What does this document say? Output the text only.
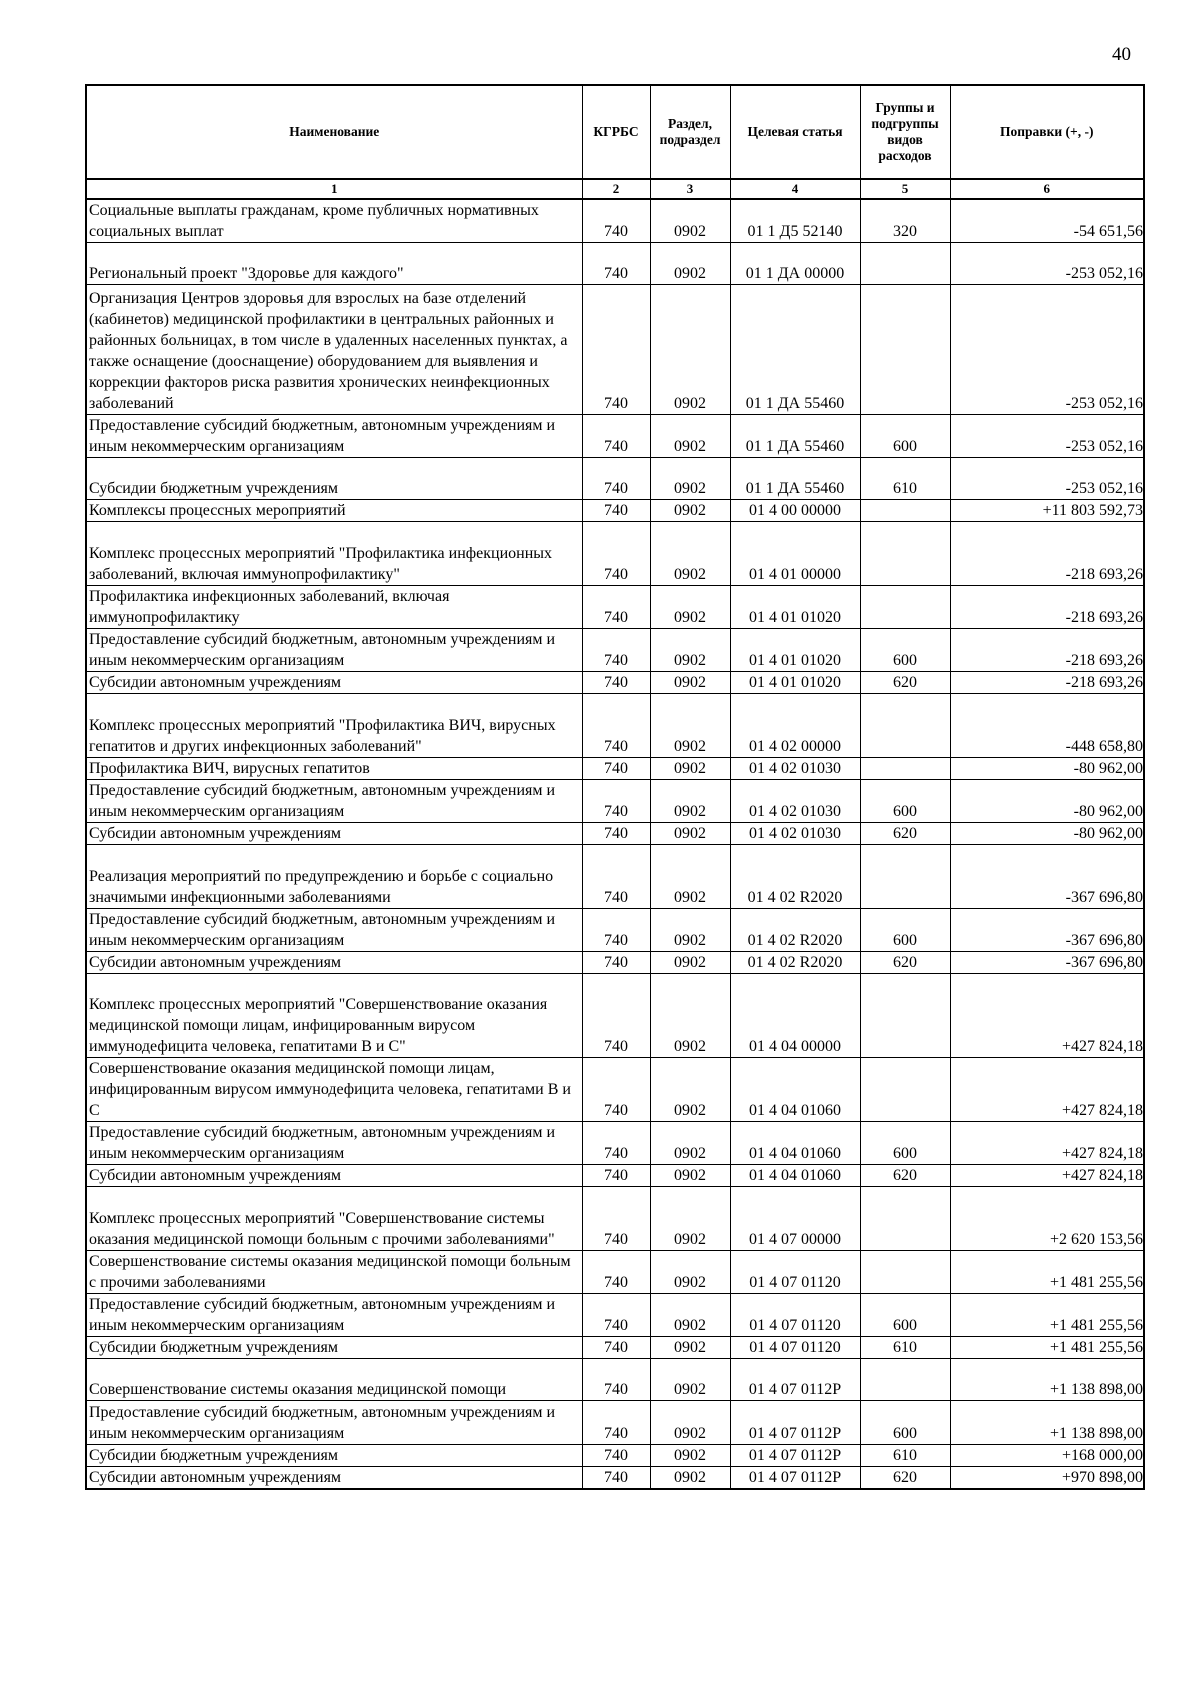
40
Наименование	КГРБС	Раздел, подраздел	Целевая статья	Группы и подгруппы видов расходов	Поправки (+, -)
1	2	3	4	5	6
Социальные выплаты гражданам, кроме публичных нормативных социальных выплат	740	0902	01 1 Д5 52140	320	-54 651,56
Региональный проект "Здоровье для каждого"	740	0902	01 1 ДА 00000		-253 052,16
Организация Центров здоровья для взрослых на базе отделений (кабинетов) медицинской профилактики в центральных районных и районных больницах, в том числе в удаленных населенных пунктах, а также оснащение (дооснащение) оборудованием для выявления и коррекции факторов риска развития хронических неинфекционных заболеваний	740	0902	01 1 ДА 55460		-253 052,16
Предоставление субсидий бюджетным, автономным учреждениям и иным некоммерческим организациям	740	0902	01 1 ДА 55460	600	-253 052,16
Субсидии бюджетным учреждениям	740	0902	01 1 ДА 55460	610	-253 052,16
Комплексы процессных мероприятий	740	0902	01 4 00 00000		+11 803 592,73
Комплекс процессных мероприятий "Профилактика инфекционных заболеваний, включая иммунопрофилактику"	740	0902	01 4 01 00000		-218 693,26
Профилактика инфекционных заболеваний, включая иммунопрофилактику	740	0902	01 4 01 01020		-218 693,26
Предоставление субсидий бюджетным, автономным учреждениям и иным некоммерческим организациям	740	0902	01 4 01 01020	600	-218 693,26
Субсидии автономным учреждениям	740	0902	01 4 01 01020	620	-218 693,26
Комплекс процессных мероприятий "Профилактика ВИЧ, вирусных гепатитов и других инфекционных заболеваний"	740	0902	01 4 02 00000		-448 658,80
Профилактика ВИЧ, вирусных гепатитов	740	0902	01 4 02 01030		-80 962,00
Предоставление субсидий бюджетным, автономным учреждениям и иным некоммерческим организациям	740	0902	01 4 02 01030	600	-80 962,00
Субсидии автономным учреждениям	740	0902	01 4 02 01030	620	-80 962,00
Реализация мероприятий по предупреждению и борьбе с социально значимыми инфекционными заболеваниями	740	0902	01 4 02 R2020		-367 696,80
Предоставление субсидий бюджетным, автономным учреждениям и иным некоммерческим организациям	740	0902	01 4 02 R2020	600	-367 696,80
Субсидии автономным учреждениям	740	0902	01 4 02 R2020	620	-367 696,80
Комплекс процессных мероприятий "Совершенствование оказания медицинской помощи лицам, инфицированным вирусом иммунодефицита человека, гепатитами В и С"	740	0902	01 4 04 00000		+427 824,18
Совершенствование оказания медицинской помощи лицам, инфицированным вирусом иммунодефицита человека, гепатитами В и С	740	0902	01 4 04 01060		+427 824,18
Предоставление субсидий бюджетным, автономным учреждениям и иным некоммерческим организациям	740	0902	01 4 04 01060	600	+427 824,18
Субсидии автономным учреждениям	740	0902	01 4 04 01060	620	+427 824,18
Комплекс процессных мероприятий "Совершенствование системы оказания медицинской помощи больным с прочими заболеваниями"	740	0902	01 4 07 00000		+2 620 153,56
Совершенствование системы оказания медицинской помощи больным с прочими заболеваниями	740	0902	01 4 07 01120		+1 481 255,56
Предоставление субсидий бюджетным, автономным учреждениям и иным некоммерческим организациям	740	0902	01 4 07 01120	600	+1 481 255,56
Субсидии бюджетным учреждениям	740	0902	01 4 07 01120	610	+1 481 255,56
Совершенствование системы оказания медицинской помощи	740	0902	01 4 07 0112P		+1 138 898,00
Предоставление субсидий бюджетным, автономным учреждениям и иным некоммерческим организациям	740	0902	01 4 07 0112P	600	+1 138 898,00
Субсидии бюджетным учреждениям	740	0902	01 4 07 0112P	610	+168 000,00
Субсидии автономным учреждениям	740	0902	01 4 07 0112P	620	+970 898,00
